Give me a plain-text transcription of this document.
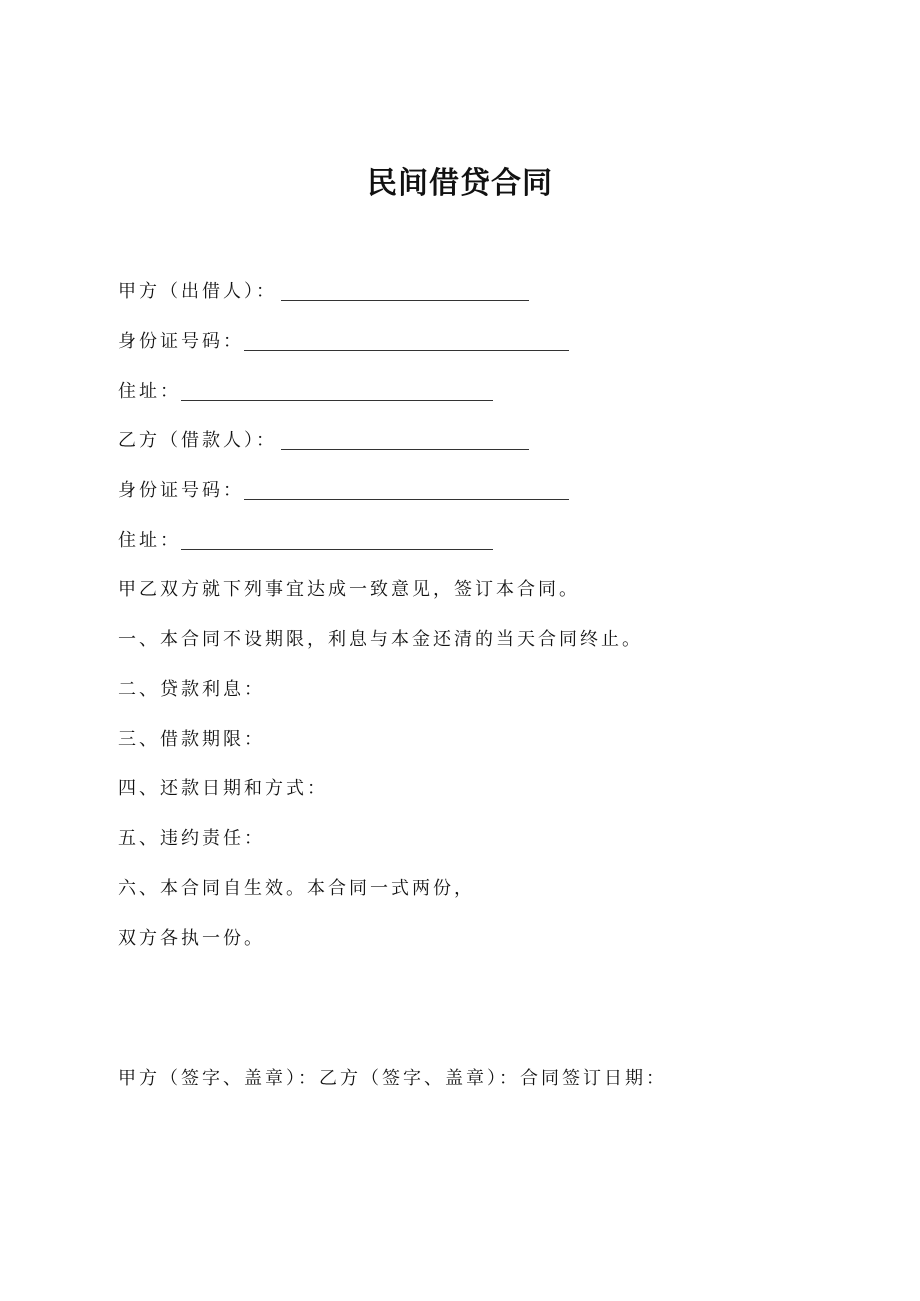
民间借贷合同
甲方（出借人）：
身份证号码：
住址：
乙方（借款人）：
身份证号码：
住址：
甲乙双方就下列事宜达成一致意见，签订本合同。
一、本合同不设期限，利息与本金还清的当天合同终止。
二、贷款利息：
三、借款期限：
四、还款日期和方式：
五、违约责任：
六、本合同自生效。本合同一式两份，
双方各执一份。
甲方（签字、盖章）：乙方（签字、盖章）：合同签订日期：
